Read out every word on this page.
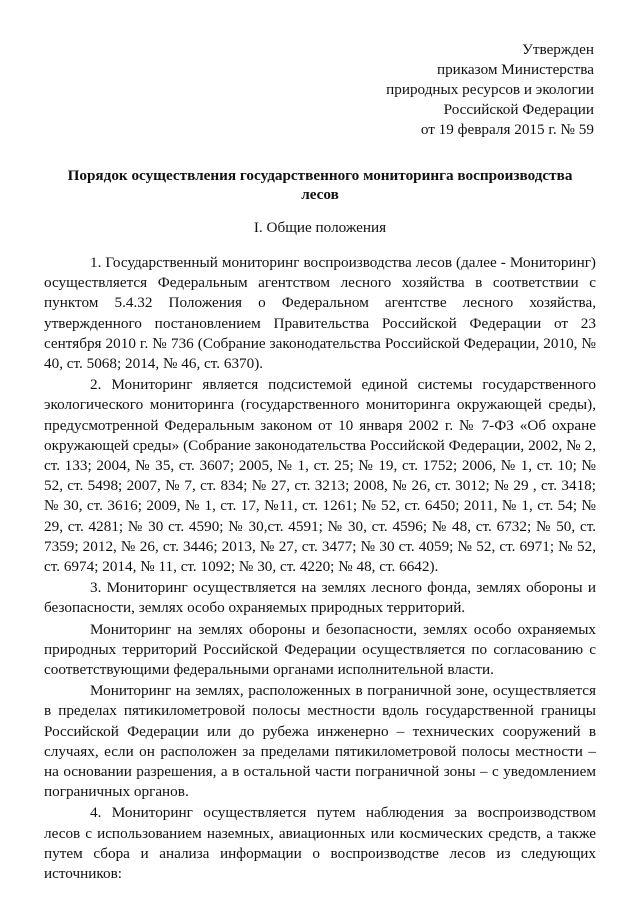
Утвержден
приказом Министерства
природных ресурсов и экологии
Российской Федерации
от 19 февраля 2015 г. № 59
Порядок осуществления государственного мониторинга воспроизводства лесов
I. Общие положения

1. Государственный мониторинг воспроизводства лесов (далее - Мониторинг) осуществляется Федеральным агентством лесного хозяйства в соответствии с пунктом 5.4.32 Положения о Федеральном агентстве лесного хозяйства, утвержденного постановлением Правительства Российской Федерации от 23 сентября 2010 г. № 736 (Собрание законодательства Российской Федерации, 2010, № 40, ст. 5068; 2014, № 46, ст. 6370).

2. Мониторинг является подсистемой единой системы государственного экологического мониторинга (государственного мониторинга окружающей среды), предусмотренной Федеральным законом от 10 января 2002 г. № 7-ФЗ «Об охране окружающей среды» (Собрание законодательства Российской Федерации, 2002, № 2, ст. 133; 2004, № 35, ст. 3607; 2005, № 1, ст. 25; № 19, ст. 1752; 2006, № 1, ст. 10; № 52, ст. 5498; 2007, № 7, ст. 834; № 27, ст. 3213; 2008, № 26, ст. 3012; № 29 , ст. 3418; № 30, ст. 3616; 2009, № 1, ст. 17, №11, ст. 1261; № 52, ст. 6450; 2011, № 1, ст. 54; № 29, ст. 4281; № 30 ст. 4590; № 30,ст. 4591; № 30, ст. 4596; № 48, ст. 6732; № 50, ст. 7359; 2012, № 26, ст. 3446; 2013, № 27, ст. 3477; № 30 ст. 4059; № 52, ст. 6971; № 52, ст. 6974; 2014, № 11, ст. 1092; № 30, ст. 4220; № 48, ст. 6642).

3. Мониторинг осуществляется на землях лесного фонда, землях обороны и безопасности, землях особо охраняемых природных территорий.

Мониторинг на землях обороны и безопасности, землях особо охраняемых природных территорий Российской Федерации осуществляется по согласованию с соответствующими федеральными органами исполнительной власти.

Мониторинг на землях, расположенных в пограничной зоне, осуществляется в пределах пятикилометровой полосы местности вдоль государственной границы Российской Федерации или до рубежа инженерно – технических сооружений в случаях, если он расположен за пределами пятикилометровой полосы местности – на основании разрешения, а в остальной части пограничной зоны – с уведомлением пограничных органов.

4. Мониторинг осуществляется путем наблюдения за воспроизводством лесов с использованием наземных, авиационных или космических средств, а также путем сбора и анализа информации о воспроизводстве лесов из следующих источников:
